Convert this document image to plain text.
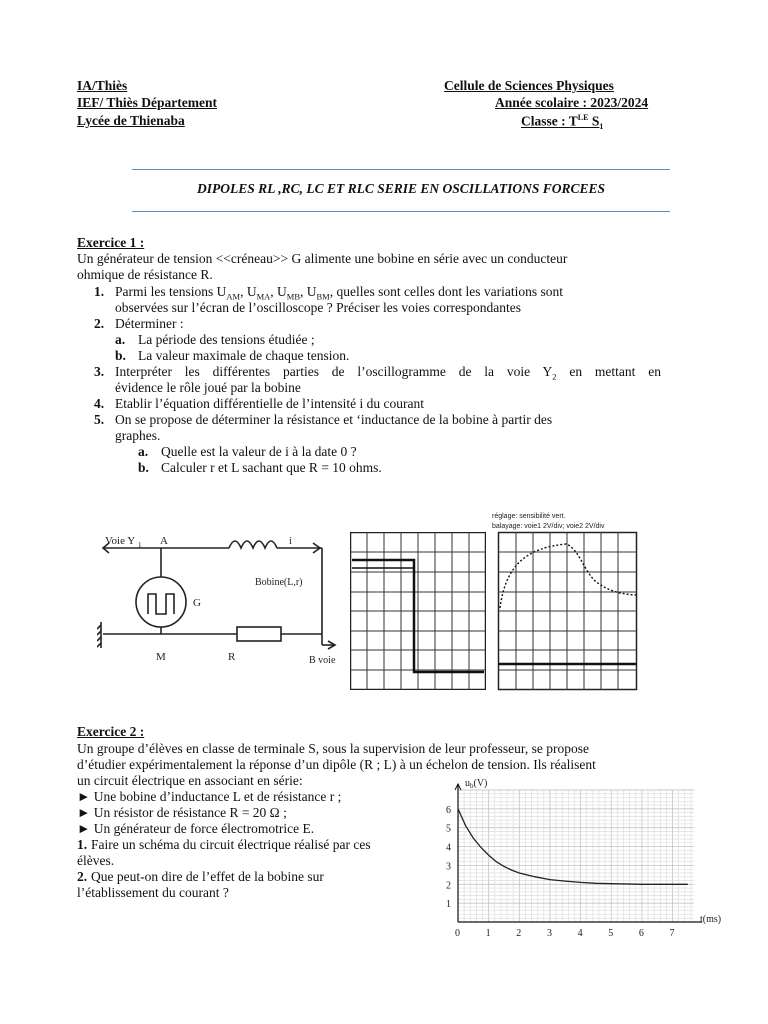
IA/Thiès
IEF/ Thiès Département
Lycée de Thienaba
Cellule de Sciences Physiques
Année scolaire : 2023/2024
Classe : $T^{LE}$ $S_1$
DIPOLES RL ,RC, LC ET RLC SERIE EN OSCILLATIONS FORCEES
Exercice 1 :
Un générateur de tension <<créneau>> G alimente une bobine en série avec un conducteur
ohmique de résistance R.
1. Parmi les tensions $U_{AM}$, $U_{MA}$, $U_{MB}$, $U_{BM}$, quelles sont celles dont les variations sont
observées sur l’écran de l’oscilloscope ? Préciser les voies correspondantes
2. Déterminer :
a. La période des tensions étudiée ;
b. La valeur maximale de chaque tension.
3. Interpréter les différentes parties de l’oscillogramme de la voie $Y_2$ en mettant en
évidence le rôle joué par la bobine
4. Etablir l’équation différentielle de l’intensité i du courant
5. On se propose de déterminer la résistance et ‘inductance de la bobine à partir des
graphes.
a. Quelle est la valeur de i à la date 0 ?
b. Calculer r et L sachant que R = 10 ohms.
Voie Y 1 A	i
Bobine(L,r)
G
M	R	B voie
réglage: sensibilité vert.
balayage: voie1 2V/div; voie2 2V/div
Exercice 2 :
Un groupe d’élèves en classe de terminale S, sous la supervision de leur professeur, se propose
d’étudier expérimentalement la réponse d’un dipôle (R ; L) à un échelon de tension. Ils réalisent
un circuit électrique en associant en série:
► Une bobine d’inductance L et de résistance r ;
► Un résistor de résistance R = 20 Ω ;
► Un générateur de force électromotrice E.
1. Faire un schéma du circuit électrique réalisé par ces
élèves.
2. Que peut-on dire de l’effet de la bobine sur
l’établissement du courant ?
0	1	2	3	4	5	6	7
1
2
3
4
5
6
$u_b(V)$
t(ms)
